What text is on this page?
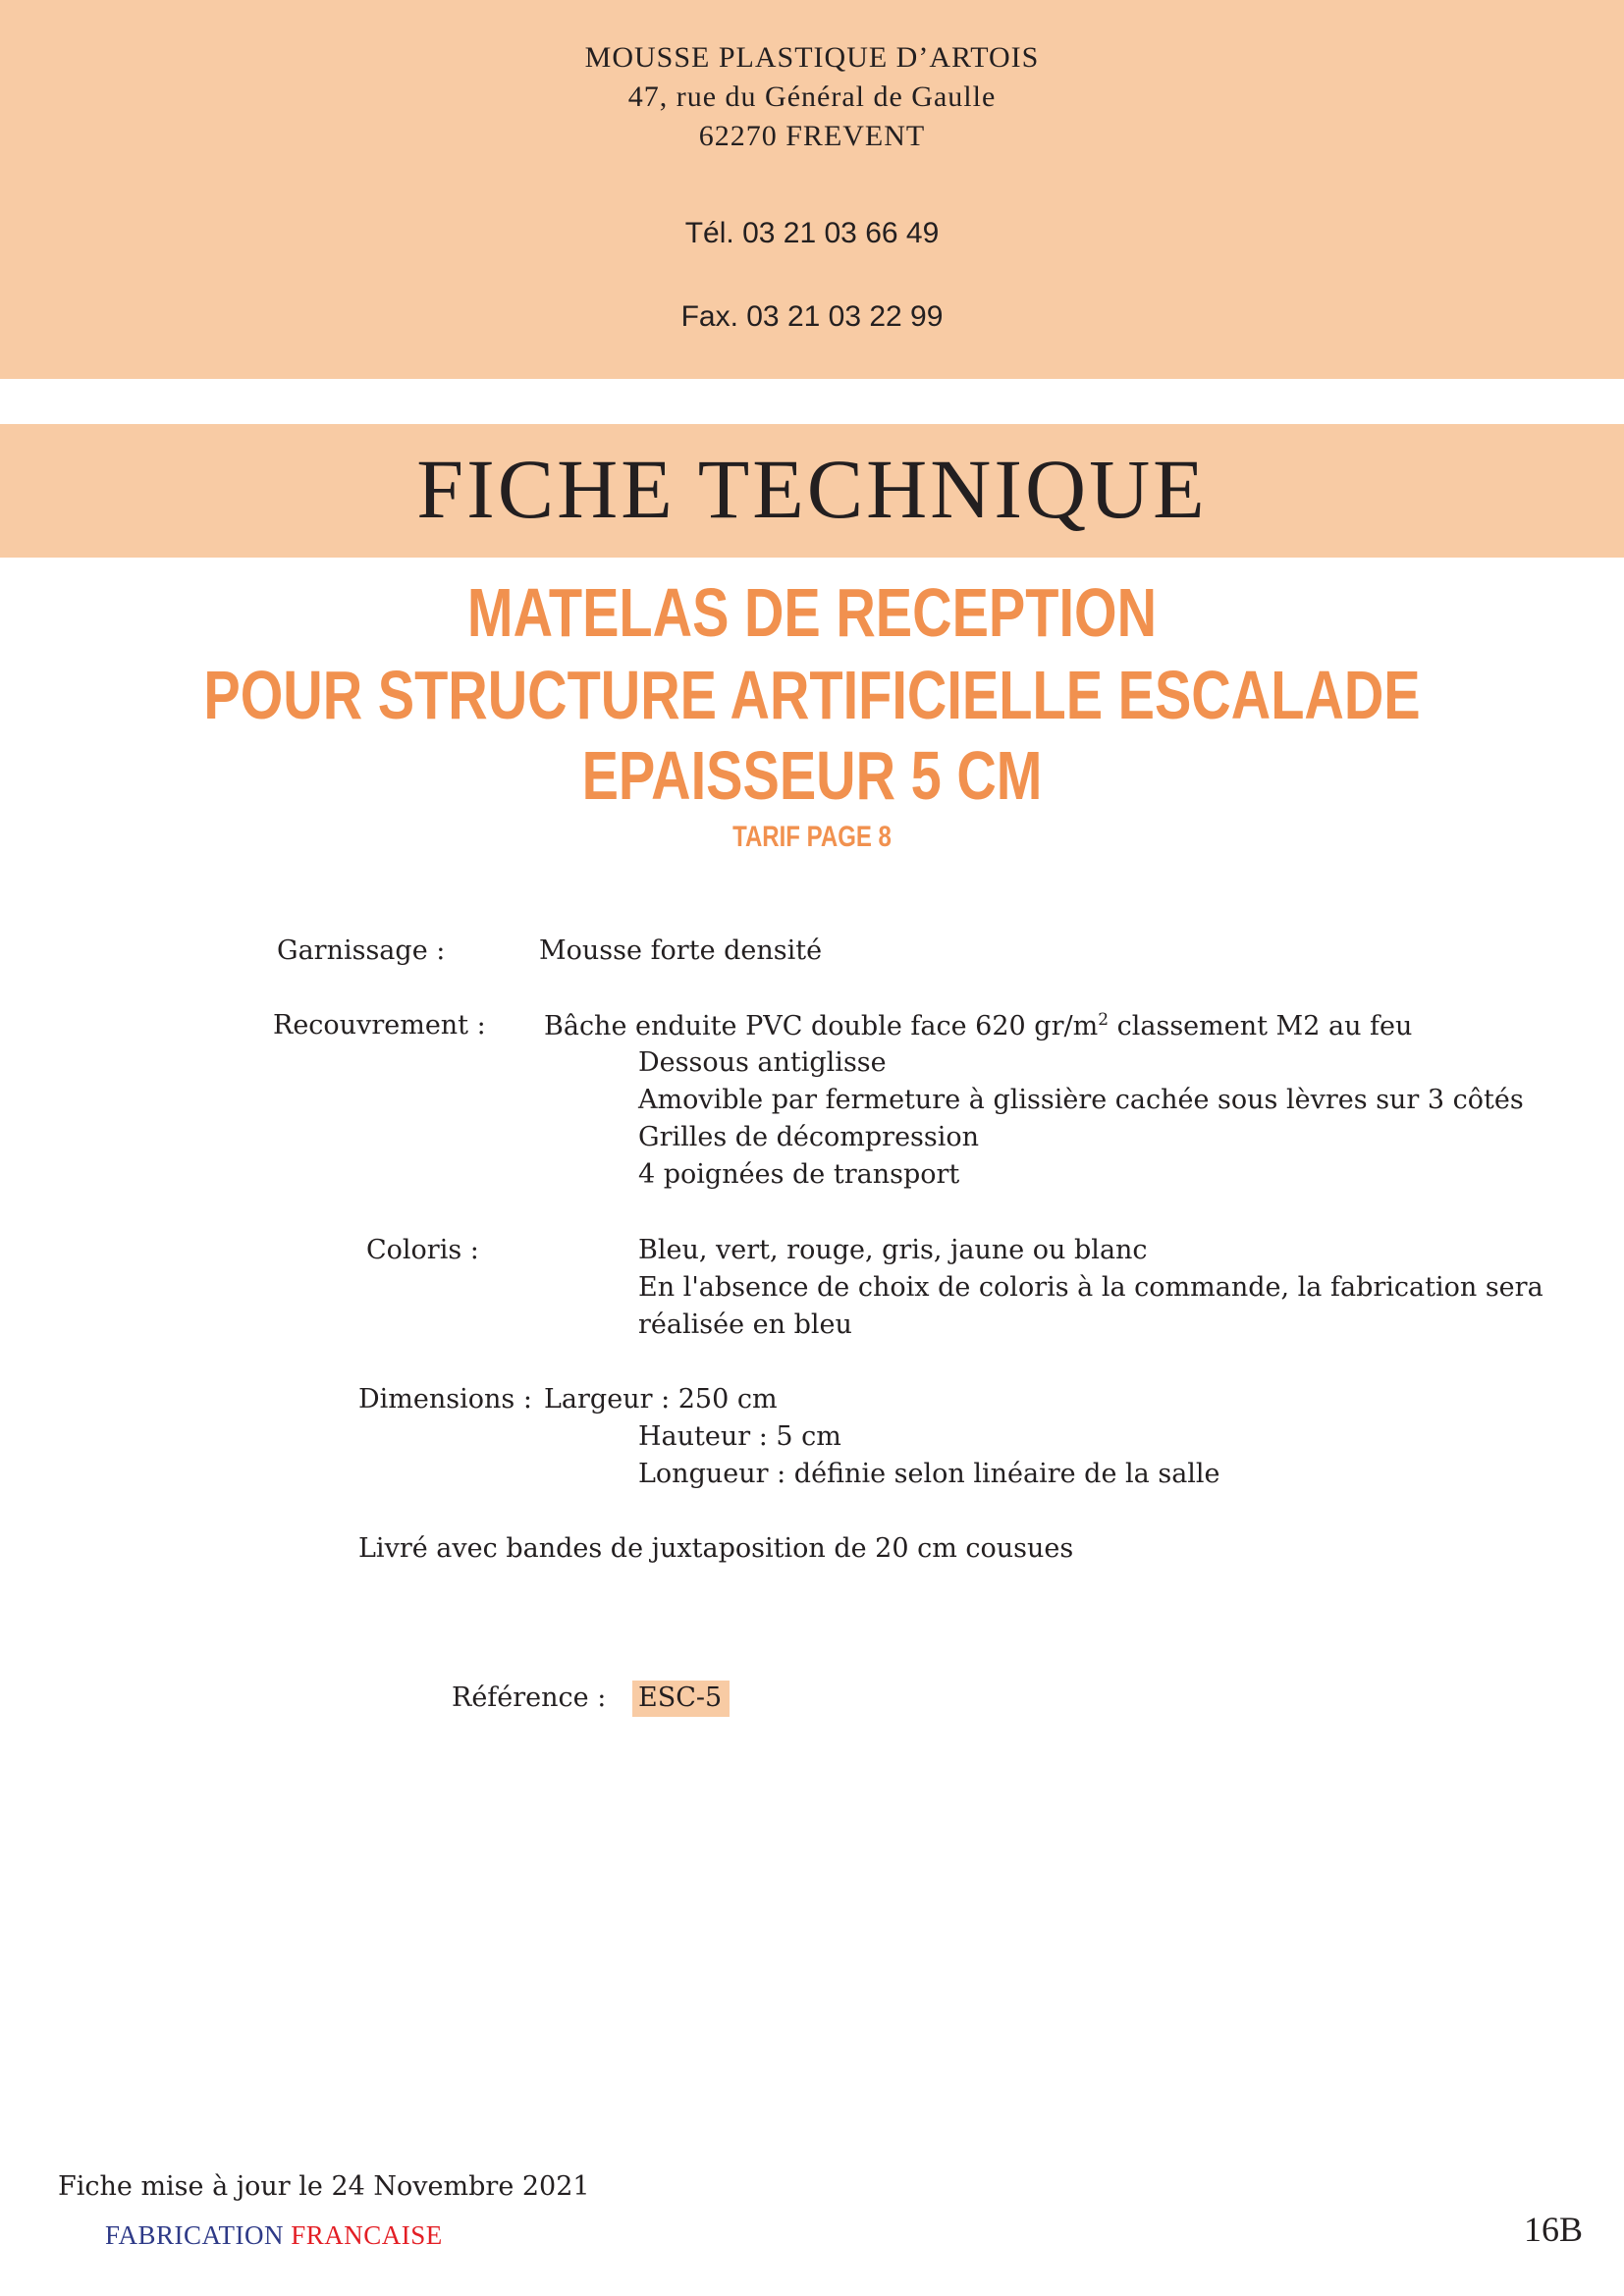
MOUSSE PLASTIQUE D’ARTOIS
47, rue du Général de Gaulle
62270 FREVENT
Tél. 03 21 03 66 49
Fax. 03 21 03 22 99
FICHE TECHNIQUE
MATELAS DE RECEPTION
POUR STRUCTURE ARTIFICIELLE ESCALADE
EPAISSEUR 5 CM
TARIF PAGE 8
Garnissage :	Mousse forte densité
Recouvrement : Bâche enduite PVC double face 620 $gr/m^2$ classement M2 au feu
Dessous antiglisse
Amovible par fermeture à glissière cachée sous lèvres sur 3 côtés
Grilles de décompression
4 poignées de transport
Coloris :	Bleu, vert, rouge, gris, jaune ou blanc
En l'absence de choix de coloris à la commande, la fabrication sera
réalisée en bleu
Dimensions : Largeur : 250 cm
Hauteur : 5 cm
Longueur : définie selon linéaire de la salle
Livré avec bandes de juxtaposition de 20 cm cousues
Référence : ESC-5
Fiche mise à jour le 24 Novembre 2021
FABRICATION FRANCAISE	16B
